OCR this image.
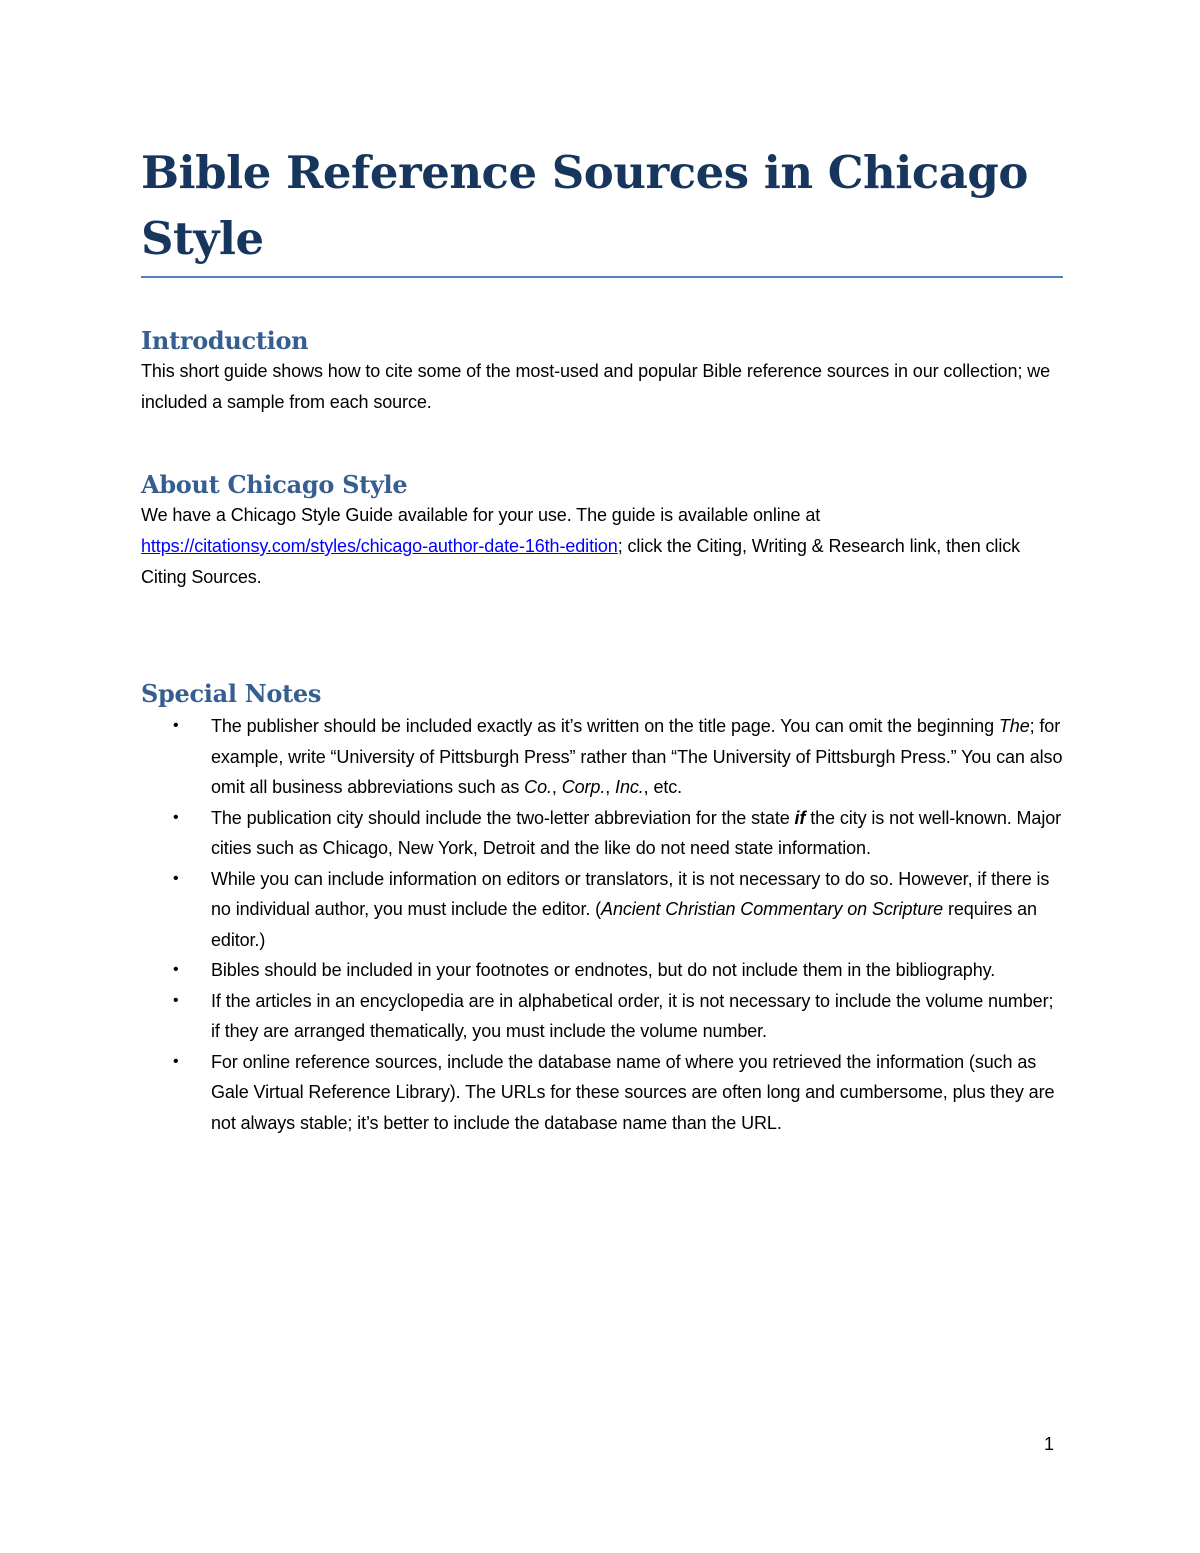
Bible Reference Sources in Chicago Style
Introduction

This short guide shows how to cite some of the most-used and popular Bible reference sources in our collection; we included a sample from each source.

About Chicago Style

We have a Chicago Style Guide available for your use. The guide is available online at https://citationsy.com/styles/chicago-author-date-16th-edition; click the Citing, Writing & Research link, then click Citing Sources.

Special Notes
• The publisher should be included exactly as it’s written on the title page. You can omit the beginning The; for example, write “University of Pittsburgh Press” rather than “The University of Pittsburgh Press.” You can also omit all business abbreviations such as Co., Corp., Inc., etc.
• The publication city should include the two-letter abbreviation for the state if the city is not well-known. Major cities such as Chicago, New York, Detroit and the like do not need state information.
• While you can include information on editors or translators, it is not necessary to do so. However, if there is no individual author, you must include the editor. (Ancient Christian Commentary on Scripture requires an editor.)
• Bibles should be included in your footnotes or endnotes, but do not include them in the bibliography.
• If the articles in an encyclopedia are in alphabetical order, it is not necessary to include the volume number; if they are arranged thematically, you must include the volume number.
• For online reference sources, include the database name of where you retrieved the information (such as Gale Virtual Reference Library). The URLs for these sources are often long and cumbersome, plus they are not always stable; it’s better to include the database name than the URL.
1
